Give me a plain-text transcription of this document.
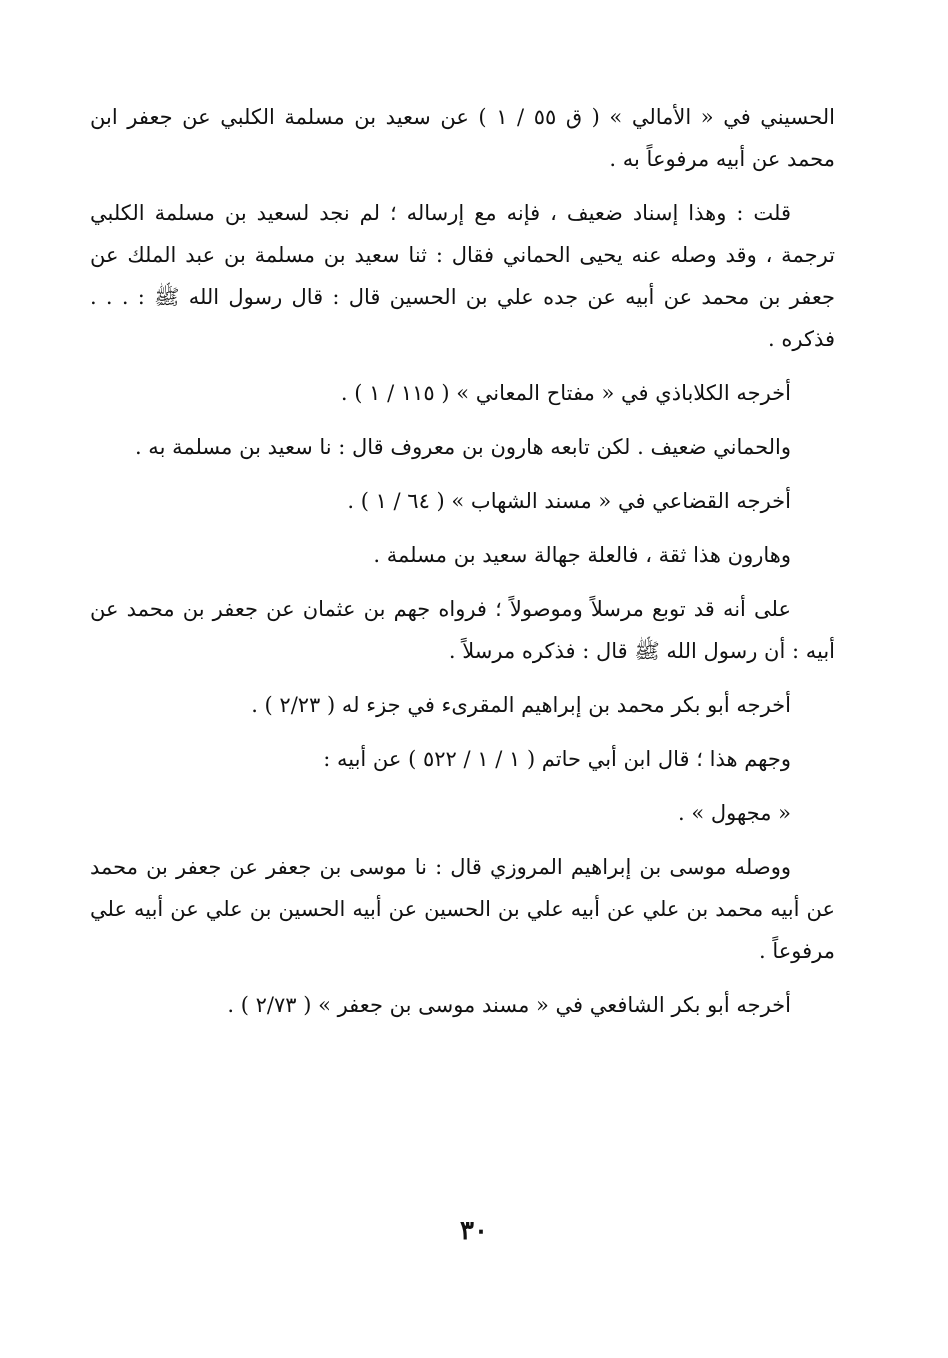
الحسيني في « الأمالي » ( ق ٥٥ / ١ ) عن سعيد بن مسلمة الكلبي عن جعفر ابن محمد عن أبيه مرفوعاً به .

قلت : وهذا إسناد ضعيف ، فإنه مع إرساله ؛ لم نجد لسعيد بن مسلمة الكلبي ترجمة ، وقد وصله عنه يحيى الحماني فقال : ثنا سعيد بن مسلمة بن عبد الملك عن جعفر بن محمد عن أبيه عن جده علي بن الحسين قال : قال رسول الله ﷺ : . . . فذكره .

أخرجه الكلاباذي في « مفتاح المعاني » ( ١١٥ / ١ ) .

والحماني ضعيف . لكن تابعه هارون بن معروف قال : نا سعيد بن مسلمة به .

أخرجه القضاعي في « مسند الشهاب » ( ٦٤ / ١ ) .

وهارون هذا ثقة ، فالعلة جهالة سعيد بن مسلمة .

على أنه قد توبع مرسلاً وموصولاً ؛ فرواه جهم بن عثمان عن جعفر بن محمد عن أبيه : أن رسول الله ﷺ قال : فذكره مرسلاً .

أخرجه أبو بكر محمد بن إبراهيم المقرىء في جزء له ( ٢/٢٣ ) .

وجهم هذا ؛ قال ابن أبي حاتم ( ١ / ١ / ٥٢٢ ) عن أبيه :

« مجهول » .

ووصله موسى بن إبراهيم المروزي قال : نا موسى بن جعفر عن جعفر بن محمد عن أبيه محمد بن علي عن أبيه علي بن الحسين عن أبيه الحسين بن علي عن أبيه علي مرفوعاً .

أخرجه أبو بكر الشافعي في « مسند موسى بن جعفر » ( ٢/٧٣ ) .

٣٠
